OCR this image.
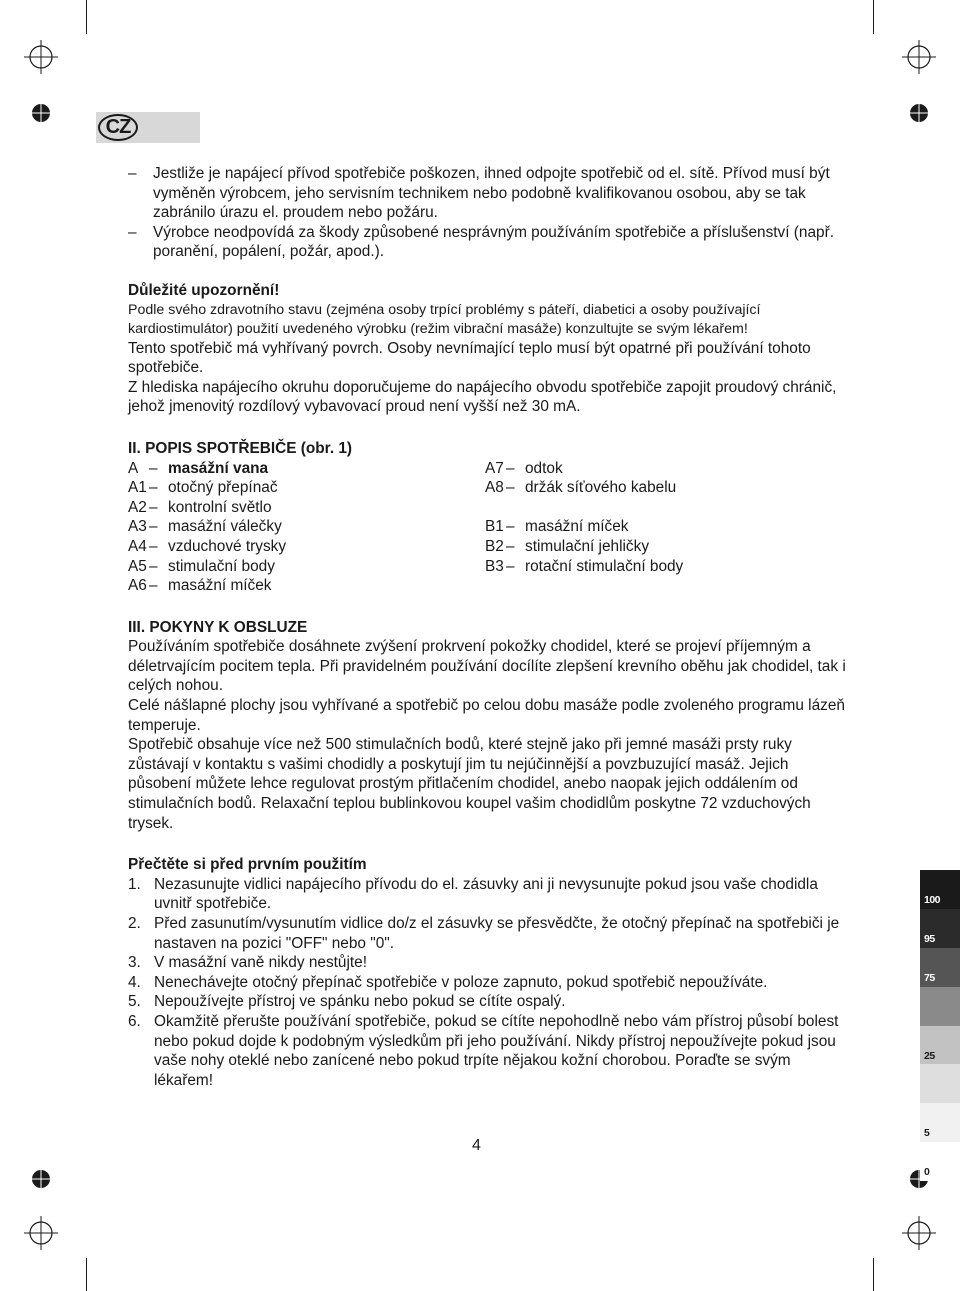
CZ
– Jestliže je napájecí přívod spotřebiče poškozen, ihned odpojte spotřebič od el. sítě. Přívod musí být vyměněn výrobcem, jeho servisním technikem nebo podobně kvalifikovanou osobou, aby se tak zabránilo úrazu el. proudem nebo požáru.
– Výrobce neodpovídá za škody způsobené nesprávným používáním spotřebiče a příslušenství (např. poranění, popálení, požár, apod.).

Důležité upozornění!

Podle svého zdravotního stavu (zejména osoby trpící problémy s páteří, diabetici a osoby používající kardiostimulátor) použití uvedeného výrobku (režim vibrační masáže) konzultujte se svým lékařem!

Tento spotřebič má vyhřívaný povrch. Osoby nevnímající teplo musí být opatrné při používání tohoto spotřebiče.

Z hlediska napájecího okruhu doporučujeme do napájecího obvodu spotřebiče zapojit proudový chránič, jehož jmenovitý rozdílový vybavovací proud není vyšší než 30 mA.

II. POPIS SPOTŘEBIČE (obr. 1)

A – masážní vana
A1 – otočný přepínač
A2 – kontrolní světlo
A3 – masážní válečky
A4 – vzduchové trysky
A5 – stimulační body
A6 – masážní míček
A7 – odtok
A8 – držák síťového kabelu
B1 – masážní míček
B2 – stimulační jehličky
B3 – rotační stimulační body

III. POKYNY K OBSLUZE

Používáním spotřebiče dosáhnete zvýšení prokrvení pokožky chodidel, které se projeví příjemným a déletrvajícím pocitem tepla. Při pravidelném používání docílíte zlepšení krevního oběhu jak chodidel, tak i celých nohou.

Celé nášlapné plochy jsou vyhřívané a spotřebič po celou dobu masáže podle zvoleného programu lázeň temperuje.

Spotřebič obsahuje více než 500 stimulačních bodů, které stejně jako při jemné masáži prsty ruky zůstávají v kontaktu s vašimi chodidly a poskytují jim tu nejúčinnější a povzbuzující masáž. Jejich působení můžete lehce regulovat prostým přitlačením chodidel, anebo naopak jejich oddálením od stimulačních bodů. Relaxační teplou bublinkovou koupel vašim chodidlům poskytne 72 vzduchových trysek.

Přečtěte si před prvním použitím

1. Nezasunujte vidlici napájecího přívodu do el. zásuvky ani ji nevysunujte pokud jsou vaše chodidla uvnitř spotřebiče.
2. Před zasunutím/vysunutím vidlice do/z el zásuvky se přesvědčte, že otočný přepínač na spotřebiči je nastaven na pozici "OFF" nebo "0".
3. V masážní vaně nikdy nestůjte!
4. Nenechávejte otočný přepínač spotřebiče v poloze zapnuto, pokud spotřebič nepoužíváte.
5. Nepoužívejte přístroj ve spánku nebo pokud se cítíte ospalý.
6. Okamžitě přerušte používání spotřebiče, pokud se cítíte nepohodlně nebo vám přístroj působí bolest nebo pokud dojde k podobným výsledkům při jeho používání. Nikdy přístroj nepoužívejte pokud jsou vaše nohy oteklé nebo zanícené nebo pokud trpíte nějakou kožní chorobou. Poraďte se svým lékařem!
4
100
95
75
25
5
0
